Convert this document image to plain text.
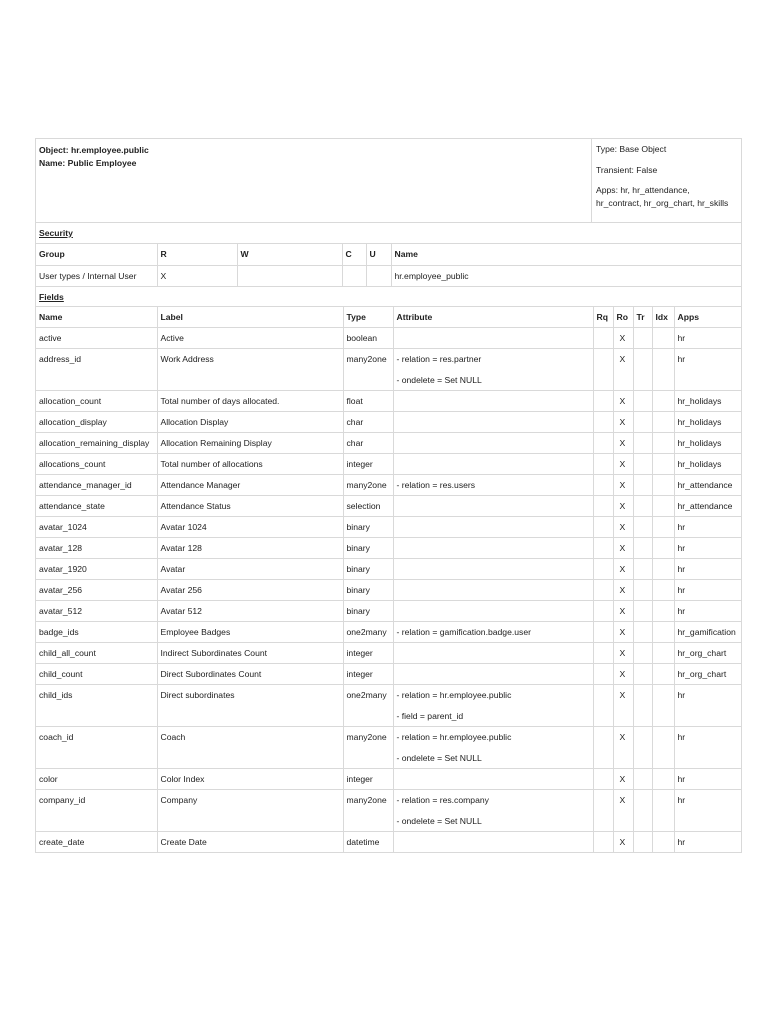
Object: hr.employee.public
Name: Public Employee

Type: Base Object

Transient: False

Apps: hr, hr_attendance, hr_contract, hr_org_chart, hr_skills

Security
Group	R	W	C	U	Name
User types / Internal User	X				hr.employee_public
Fields
Name	Label	Type	Attribute	Rq	Ro	Tr	Idx	Apps
active	Active	boolean			X			hr
address_id	Work Address	many2one	- relation = res.partner
- ondelete = Set NULL		X			hr
allocation_count	Total number of days allocated.	float			X			hr_holidays
allocation_display	Allocation Display	char			X			hr_holidays
allocation_remaining_display	Allocation Remaining Display	char			X			hr_holidays
allocations_count	Total number of allocations	integer			X			hr_holidays
attendance_manager_id	Attendance Manager	many2one	- relation = res.users		X			hr_attendance
attendance_state	Attendance Status	selection			X			hr_attendance
avatar_1024	Avatar 1024	binary			X			hr
avatar_128	Avatar 128	binary			X			hr
avatar_1920	Avatar	binary			X			hr
avatar_256	Avatar 256	binary			X			hr
avatar_512	Avatar 512	binary			X			hr
badge_ids	Employee Badges	one2many	- relation = gamification.badge.user		X			hr_gamification
child_all_count	Indirect Subordinates Count	integer			X			hr_org_chart
child_count	Direct Subordinates Count	integer			X			hr_org_chart
child_ids	Direct subordinates	one2many	- relation = hr.employee.public
- field = parent_id		X			hr
coach_id	Coach	many2one	- relation = hr.employee.public
- ondelete = Set NULL		X			hr
color	Color Index	integer			X			hr
company_id	Company	many2one	- relation = res.company
- ondelete = Set NULL		X			hr
create_date	Create Date	datetime			X			hr
